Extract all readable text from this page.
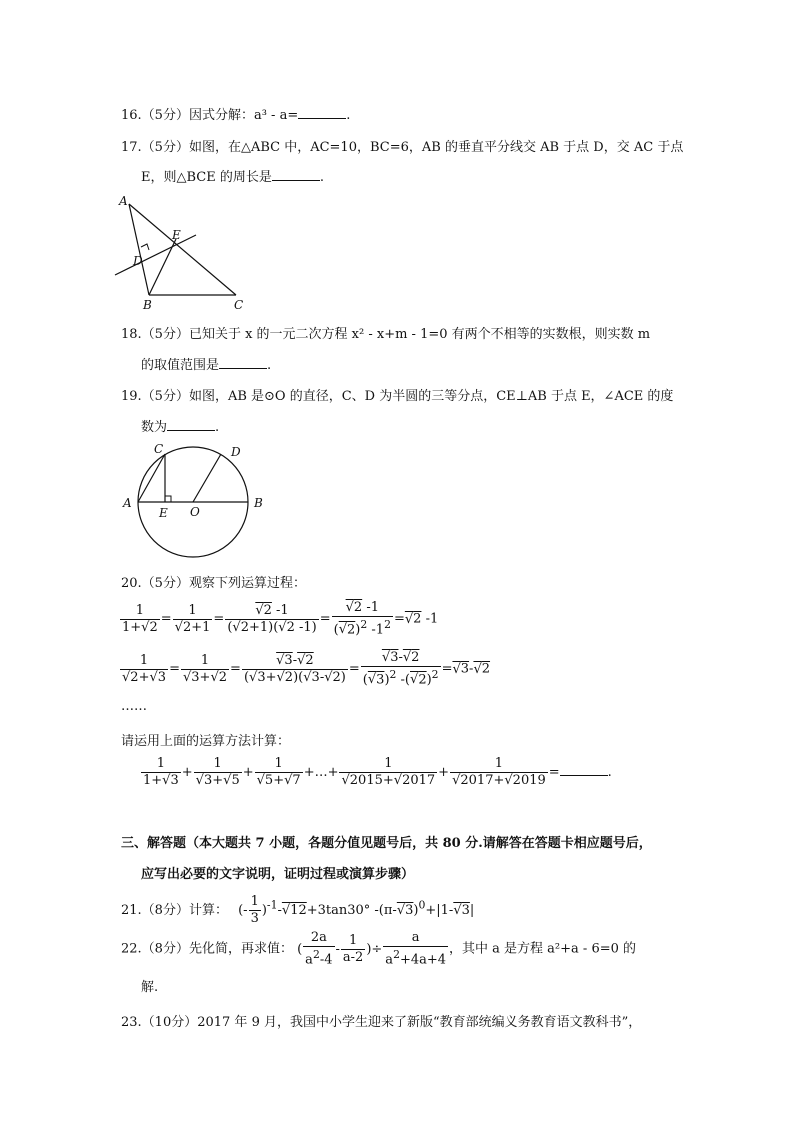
16.（5分）因式分解：a³ - a=	.
17.（5分）如图，在△ABC 中，AC=10，BC=6，AB 的垂直平分线交 AB 于点 D，交 AC 于点
E，则△BCE 的周长是	.
A
B	C
D
E
18.（5分）已知关于 x 的一元二次方程 x² - x+m - 1=0 有两个不相等的实数根，则实数 m
的取值范围是	.
19.（5分）如图，AB 是⊙O 的直径，C、D 为半圆的三等分点，CE⊥AB 于点 E，∠ACE 的度
数为	.
A	B
C	D
E O
20.（5分）观察下列运算过程：
$\frac{1}{1+ √ 2} = 1$
√ 2+1 = √ $\frac{2 -1}{( √ 2+1)( √ 2 -1)}$ = √ $\frac{2 -1}{( √ 2)^2 -1^2}$ = √ 2 -1
1
√ 2+ √ 3 = 1
√ 3+ √ 2 = √ $\frac{3- √ 2}{( √ 3+ √ 2)( √ 3- √ 2)}$ = √ $\frac{3- √ 2}{( √ 3)^2 -( √ 2)^2}$ = √ 3- √ 2
……
请运用上面的运算方法计算：
$\frac{1}{1+ √ 3} + 1$
√ 3+ √ 5 + 1
√ 5+ √ 7 +…+ 1
√ 2015+ √ 2017 + 1
√ 2017+ √ 2019 =	.
三、解答题（本大题共 7 小题，各题分值见题号后，共 80 分.请解答在答题卡相应题号后，
应写出必要的文字说明，证明过程或演算步骤）
21.（8分）计算： (- $\frac{1}{3} )^{-1}-$ √ 12+3tan30° -(π- √ 3)$^0$+|1- √ 3|
22.（8分）先化简，再求值： ( $\frac{2a}{a^2-4} - \frac{1}{a-2}$ )÷ $\frac{a}{a^2+4a+4}$ ，其中 a 是方程 a²+a - 6=0 的
解.
23.（10分）2017 年 9 月，我国中小学生迎来了新版“教育部统编义务教育语文教科书”，
